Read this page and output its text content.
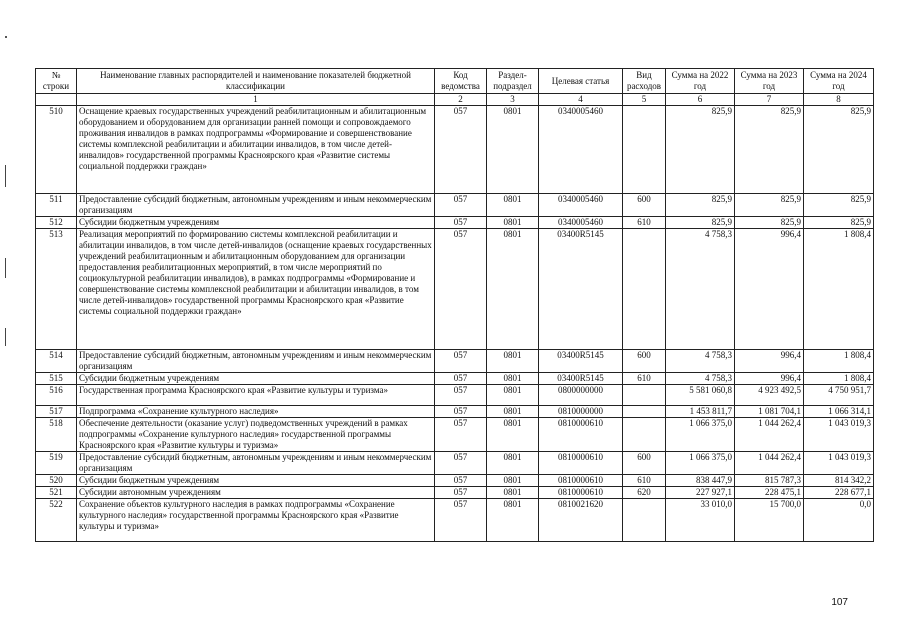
№ строки	Наименование главных распорядителей и наименование показателей бюджетной классификации	Код ведомства	Раздел-подраздел	Целевая статья	Вид расходов	Сумма на 2022 год	Сумма на 2023 год	Сумма на 2024 год
	1	2	3	4	5	6	7	8
510	Оснащение краевых государственных учреждений реабилитационным и абилитационным оборудованием и оборудованием для организации ранней помощи и сопровождаемого проживания инвалидов в рамках подпрограммы «Формирование и совершенствование системы комплексной реабилитации и абилитации инвалидов, в том числе детей-инвалидов» государственной программы Красноярского края «Развитие системы социальной поддержки граждан»	057	0801	0340005460		825,9	825,9	825,9
511	Предоставление субсидий бюджетным, автономным учреждениям и иным некоммерческим организациям	057	0801	0340005460	600	825,9	825,9	825,9
512	Субсидии бюджетным учреждениям	057	0801	0340005460	610	825,9	825,9	825,9
513	Реализация мероприятий по формированию системы комплексной реабилитации и абилитации инвалидов, в том числе детей-инвалидов (оснащение краевых государственных учреждений реабилитационным и абилитационным оборудованием для организации предоставления реабилитационных мероприятий, в том числе мероприятий по социокультурной реабилитации инвалидов), в рамках подпрограммы «Формирование и совершенствование системы комплексной реабилитации и абилитации инвалидов, в том числе детей-инвалидов» государственной программы Красноярского края «Развитие системы социальной поддержки граждан»	057	0801	03400R5145		4 758,3	996,4	1 808,4
514	Предоставление субсидий бюджетным, автономным учреждениям и иным некоммерческим организациям	057	0801	03400R5145	600	4 758,3	996,4	1 808,4
515	Субсидии бюджетным учреждениям	057	0801	03400R5145	610	4 758,3	996,4	1 808,4
516	Государственная программа Красноярского края «Развитие культуры и туризма»	057	0801	0800000000		5 581 060,8	4 923 492,5	4 750 951,7
517	Подпрограмма «Сохранение культурного наследия»	057	0801	0810000000		1 453 811,7	1 081 704,1	1 066 314,1
518	Обеспечение деятельности (оказание услуг) подведомственных учреждений в рамках подпрограммы «Сохранение культурного наследия» государственной программы Красноярского края «Развитие культуры и туризма»	057	0801	0810000610		1 066 375,0	1 044 262,4	1 043 019,3
519	Предоставление субсидий бюджетным, автономным учреждениям и иным некоммерческим организациям	057	0801	0810000610	600	1 066 375,0	1 044 262,4	1 043 019,3
520	Субсидии бюджетным учреждениям	057	0801	0810000610	610	838 447,9	815 787,3	814 342,2
521	Субсидии автономным учреждениям	057	0801	0810000610	620	227 927,1	228 475,1	228 677,1
522	Сохранение объектов культурного наследия в рамках подпрограммы «Сохранение культурного наследия» государственной программы Красноярского края «Развитие культуры и туризма»	057	0801	0810021620		33 010,0	15 700,0	0,0
107
